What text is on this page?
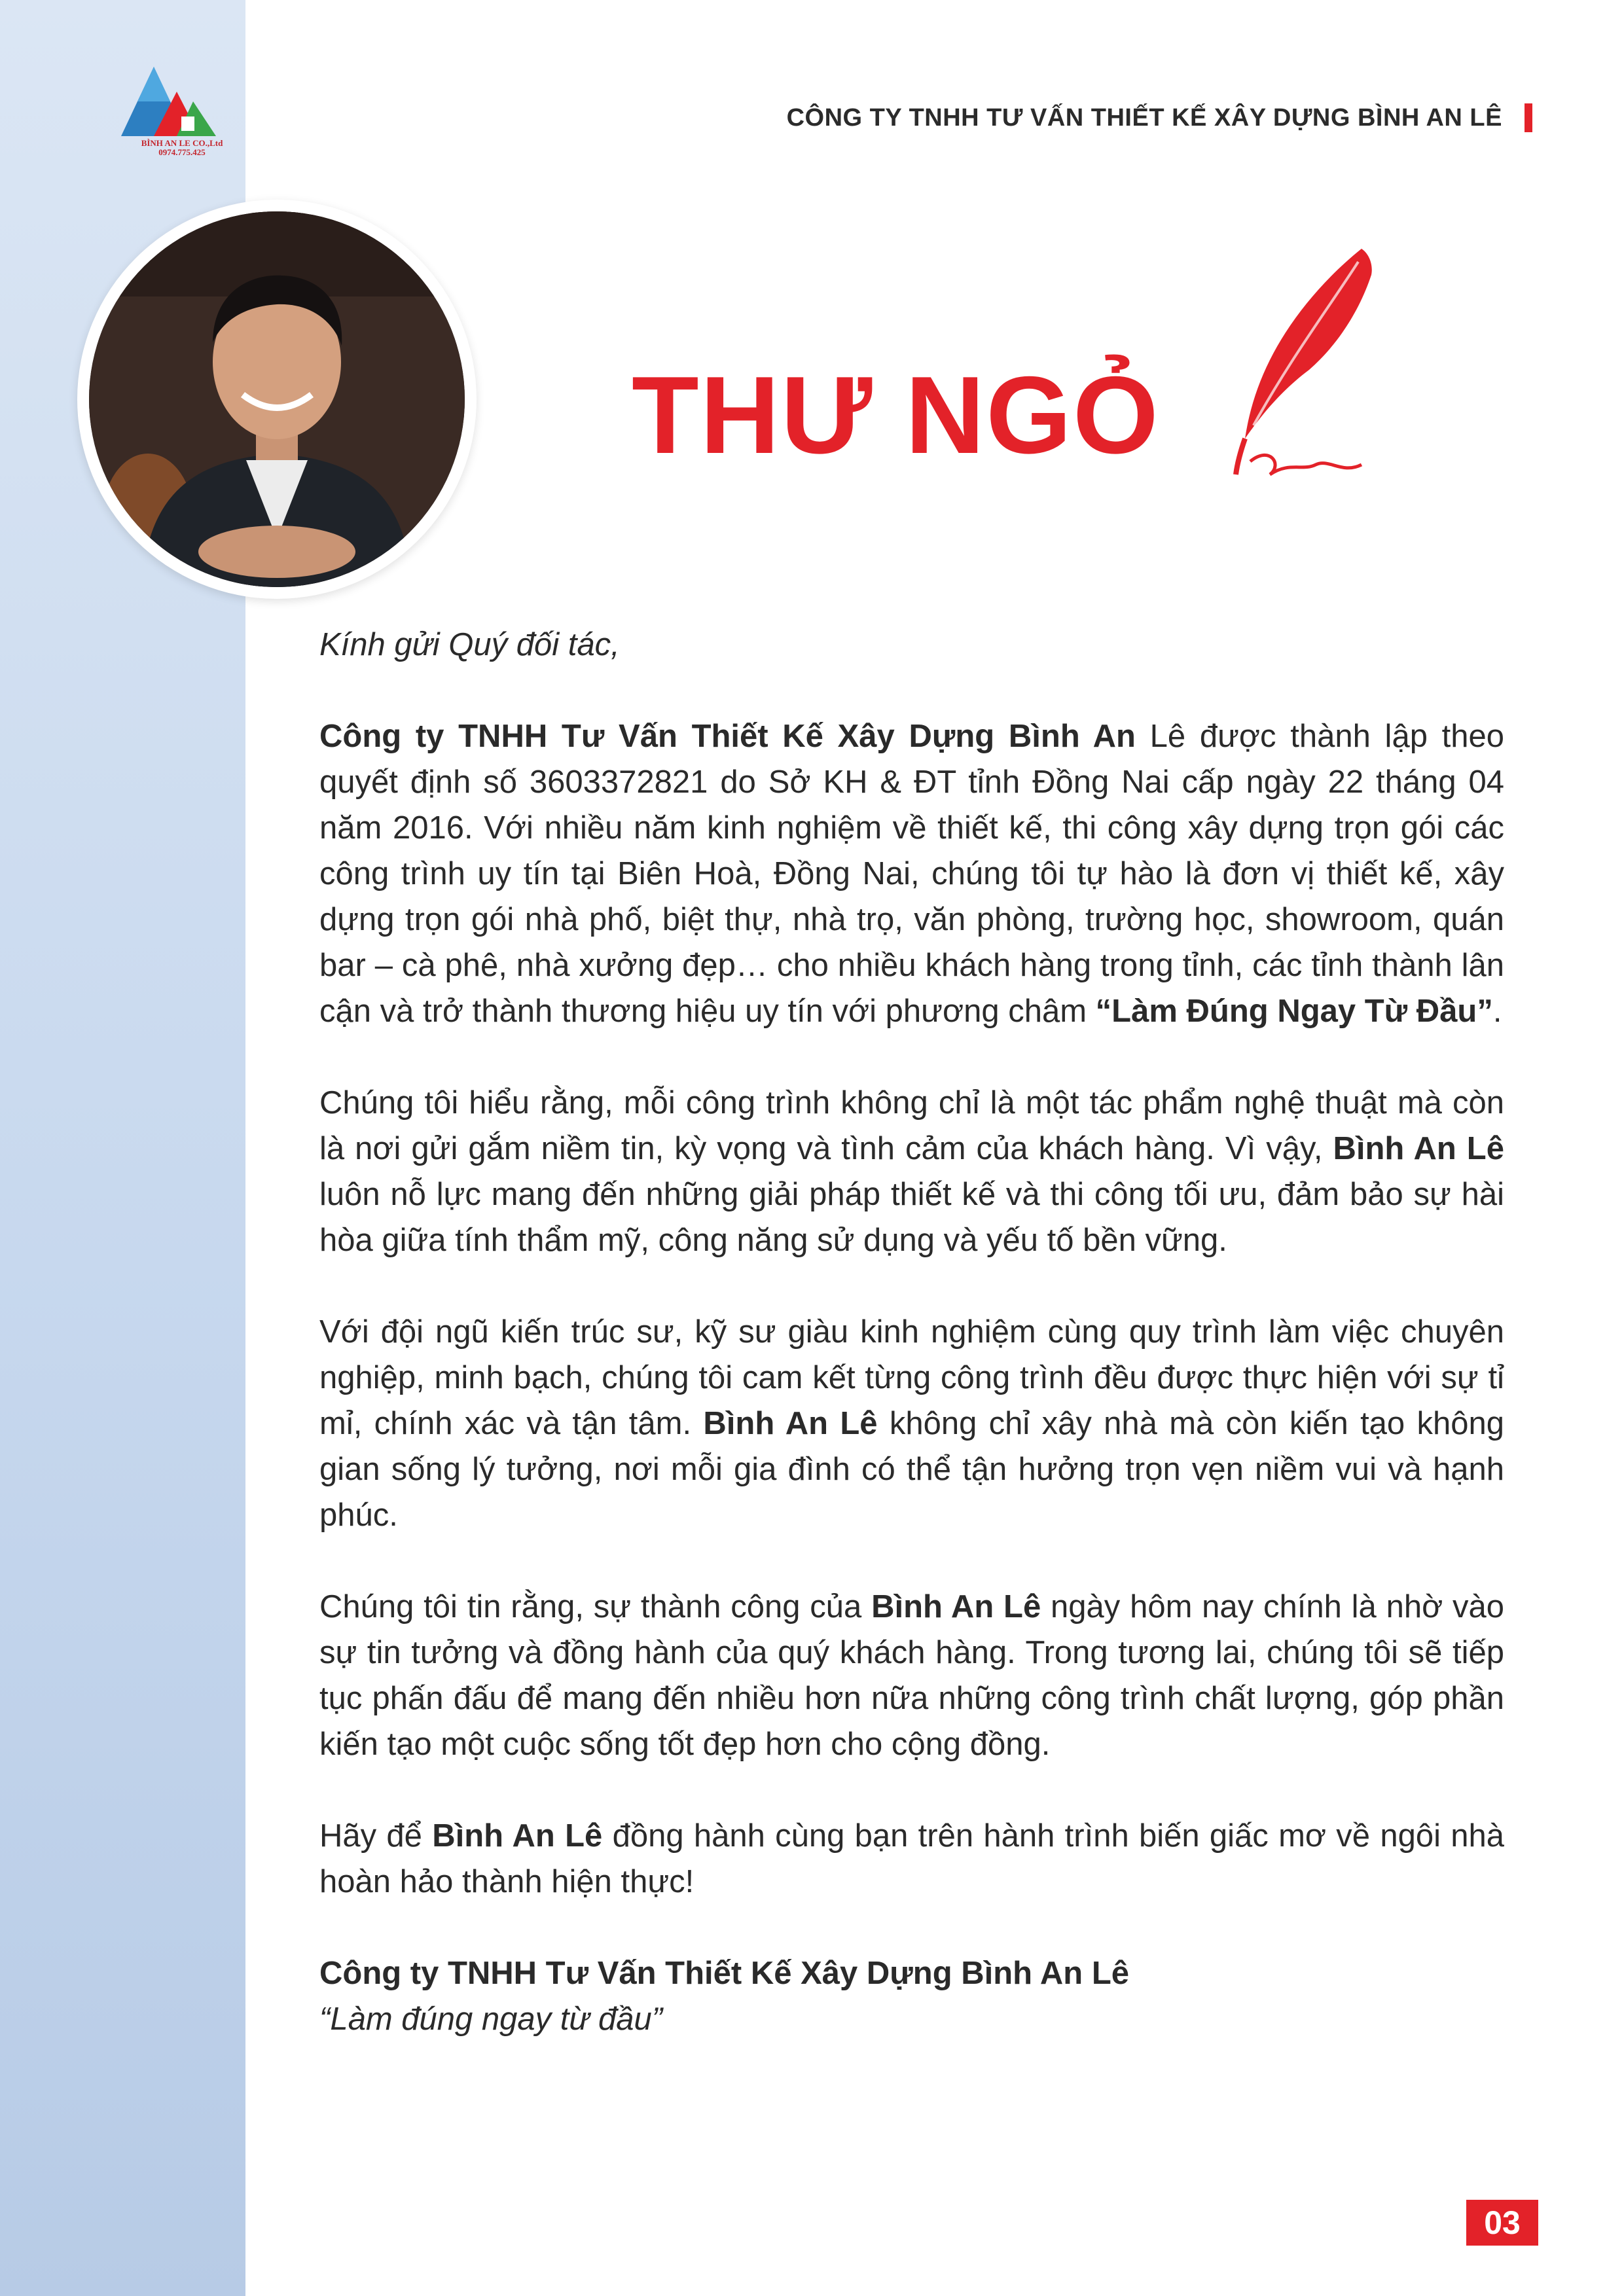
BÌNH AN LE CO.,Ltd
0974.775.425
CÔNG TY TNHH TƯ VẤN THIẾT KẾ XÂY DỰNG BÌNH AN LÊ
THƯ NGỎ

Kính gửi Quý đối tác,

Công ty TNHH Tư Vấn Thiết Kế Xây Dựng Bình An Lê được thành lập theo quyết định số 3603372821 do Sở KH & ĐT tỉnh Đồng Nai cấp ngày 22 tháng 04 năm 2016. Với nhiều năm kinh nghiệm về thiết kế, thi công xây dựng trọn gói các công trình uy tín tại Biên Hoà, Đồng Nai, chúng tôi tự hào là đơn vị thiết kế, xây dựng trọn gói nhà phố, biệt thự, nhà trọ, văn phòng, trường học, showroom, quán bar – cà phê, nhà xưởng đẹp… cho nhiều khách hàng trong tỉnh, các tỉnh thành lân cận và trở thành thương hiệu uy tín với phương châm “Làm Đúng Ngay Từ Đầu”.

Chúng tôi hiểu rằng, mỗi công trình không chỉ là một tác phẩm nghệ thuật mà còn là nơi gửi gắm niềm tin, kỳ vọng và tình cảm của khách hàng. Vì vậy, Bình An Lê luôn nỗ lực mang đến những giải pháp thiết kế và thi công tối ưu, đảm bảo sự hài hòa giữa tính thẩm mỹ, công năng sử dụng và yếu tố bền vững.

Với đội ngũ kiến trúc sư, kỹ sư giàu kinh nghiệm cùng quy trình làm việc chuyên nghiệp, minh bạch, chúng tôi cam kết từng công trình đều được thực hiện với sự tỉ mỉ, chính xác và tận tâm. Bình An Lê không chỉ xây nhà mà còn kiến tạo không gian sống lý tưởng, nơi mỗi gia đình có thể tận hưởng trọn vẹn niềm vui và hạnh phúc.

Chúng tôi tin rằng, sự thành công của Bình An Lê ngày hôm nay chính là nhờ vào sự tin tưởng và đồng hành của quý khách hàng. Trong tương lai, chúng tôi sẽ tiếp tục phấn đấu để mang đến nhiều hơn nữa những công trình chất lượng, góp phần kiến tạo một cuộc sống tốt đẹp hơn cho cộng đồng.

Hãy để Bình An Lê đồng hành cùng bạn trên hành trình biến giấc mơ về ngôi nhà hoàn hảo thành hiện thực!

Công ty TNHH Tư Vấn Thiết Kế Xây Dựng Bình An Lê

“Làm đúng ngay từ đầu”

03
